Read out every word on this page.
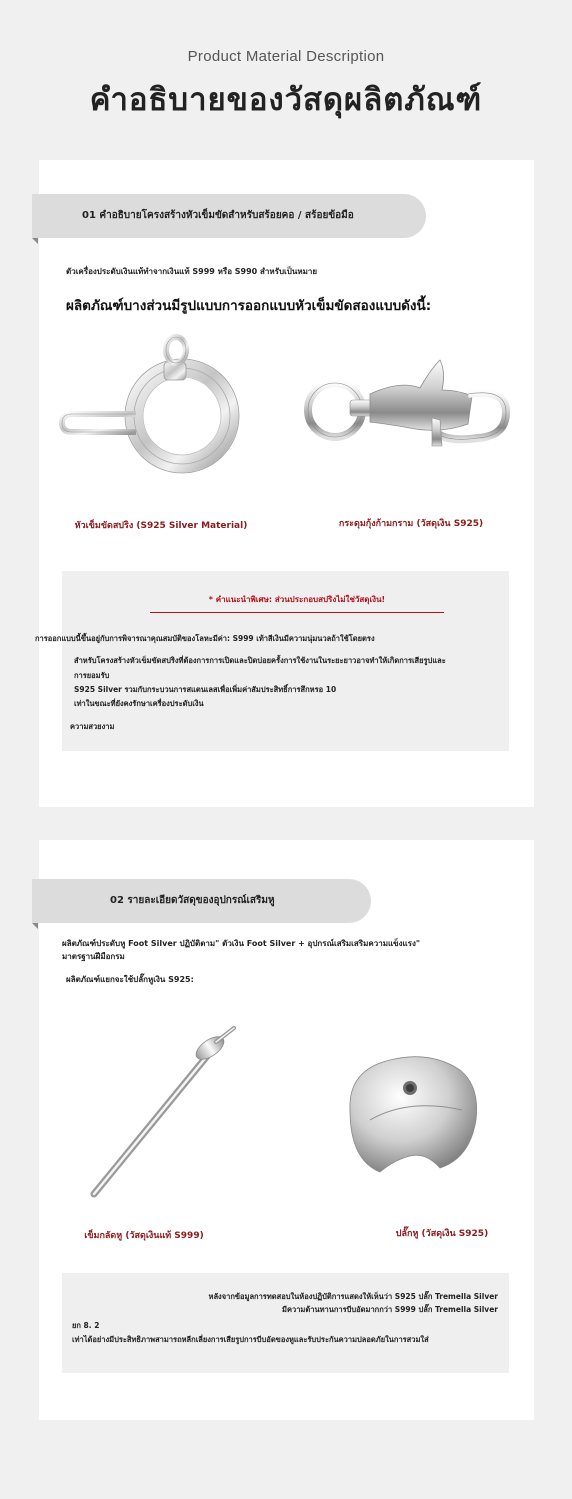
Product Material Description
คำอธิบายของวัสดุผลิตภัณฑ์
01 คำอธิบายโครงสร้างหัวเข็มขัดสำหรับสร้อยคอ / สร้อยข้อมือ
ตัวเครื่องประดับเงินแท้ทำจากเงินแท้ S999 หรือ S990 สำหรับเป็นหมาย
ผลิตภัณฑ์บางส่วนมีรูปแบบการออกแบบหัวเข็มขัดสองแบบดังนี้:
หัวเข็มขัดสปริง (S925 Silver Material)	กระดุมกุ้งก้ามกราม (วัสดุเงิน S925)
* คำแนะนำพิเศษ: ส่วนประกอบสปริงไม่ใช่วัสดุเงิน!
การออกแบบนี้ขึ้นอยู่กับการพิจารณาคุณสมบัติของโลหะมีค่า: S999 เท้าสีเงินมีความนุ่มนวลถ้าใช้โดยตรง
สำหรับโครงสร้างหัวเข็มขัดสปริงที่ต้องการการเปิดและปิดบ่อยครั้งการใช้งานในระยะยาวอาจทำให้เกิดการเสียรูปและ
การยอมรับ
S925 Silver รวมกับกระบวนการสแตนเลสเพื่อเพิ่มค่าสัมประสิทธิ์การสึกหรอ 10
เท่าในขณะที่ยังคงรักษาเครื่องประดับเงิน
ความสวยงาม
02 รายละเอียดวัสดุของอุปกรณ์เสริมหู
ผลิตภัณฑ์ประดับหู Foot Silver ปฏิบัติตาม" ตัวเงิน Foot Silver + อุปกรณ์เสริมเสริมความแข็งแรง"
มาตรฐานฝีมือกรม
ผลิตภัณฑ์แยกจะใช้ปลั๊กหูเงิน S925:
เข็มกลัดหู (วัสดุเงินแท้ S999)	ปลั๊กหู (วัสดุเงิน S925)
หลังจากข้อมูลการทดสอบในห้องปฏิบัติการแสดงให้เห็นว่า S925 ปลั๊ก Tremella Silver
มีความต้านทานการบีบอัดมากกว่า S999 ปลั๊ก Tremella Silver
ยก 8. 2
เท่าได้อย่างมีประสิทธิภาพสามารถหลีกเลี่ยงการเสียรูปการบีบอัดของหูและรับประกันความปลอดภัยในการสวมใส่
